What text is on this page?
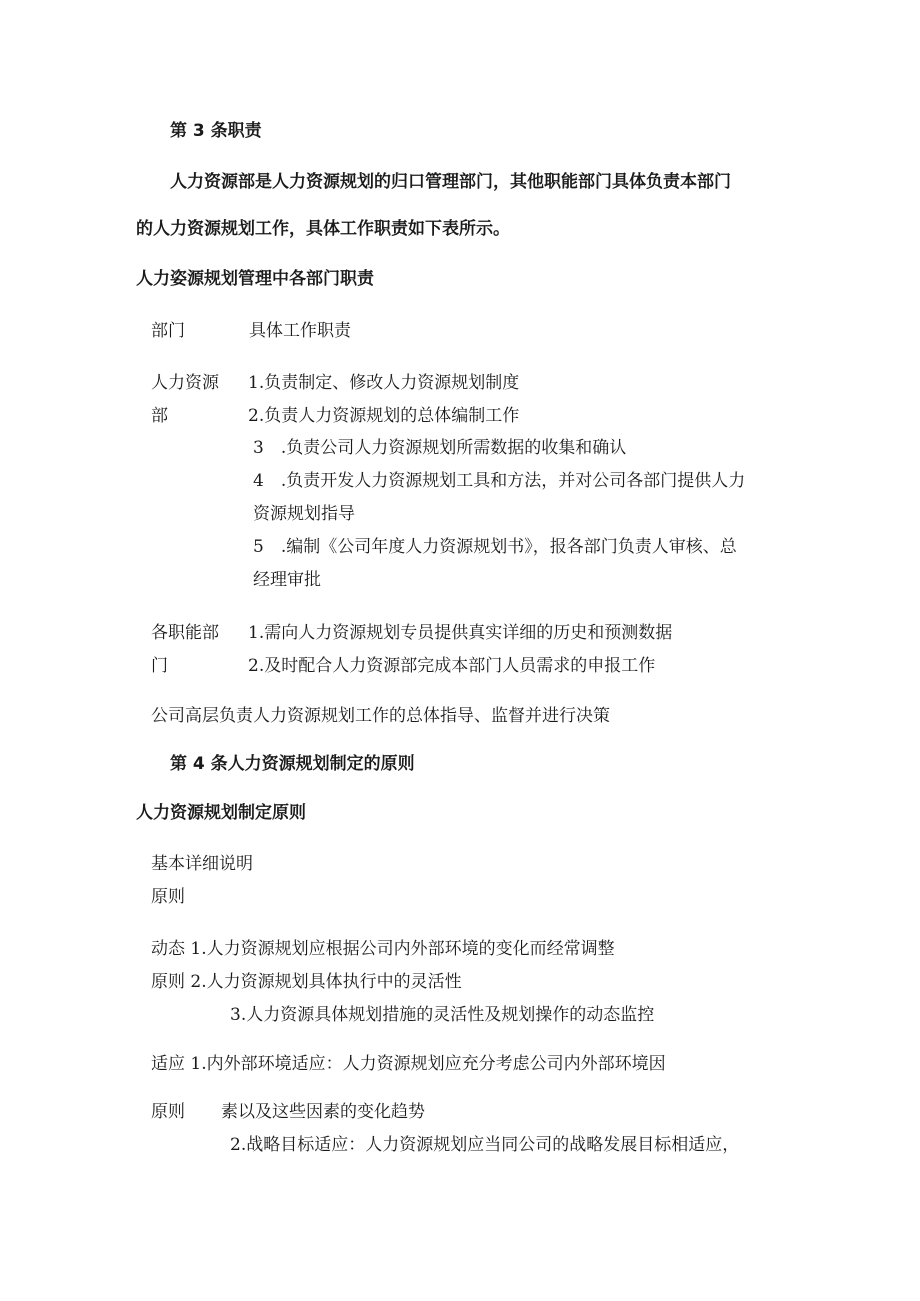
第 3 条职责
人力资源部是人力资源规划的归口管理部门，其他职能部门具体负责本部门
的人力资源规划工作，具体工作职责如下表所示。
人力姿源规划管理中各部门职责
部门	具体工作职责
人力资源
部
1.负责制定、修改人力资源规划制度
2.负责人力资源规划的总体编制工作
3　.负责公司人力资源规划所需数据的收集和确认
4　.负责开发人力资源规划工具和方法，并对公司各部门提供人力
资源规划指导
5　.编制《公司年度人力资源规划书》，报各部门负责人审核、总
经理审批
各职能部
门
1.需向人力资源规划专员提供真实详细的历史和预测数据
2.及时配合人力资源部完成本部门人员需求的申报工作
公司高层负责人力资源规划工作的总体指导、监督并进行决策
第 4 条人力资源规划制定的原则
人力资源规划制定原则
基本详细说明
原则
动态 1.人力资源规划应根据公司内外部环境的变化而经常调整
原则 2.人力资源规划具体执行中的灵活性
3.人力资源具体规划措施的灵活性及规划操作的动态监控
适应 1.内外部环境适应：人力资源规划应充分考虑公司内外部环境因
原则 素以及这些因素的变化趋势
2.战略目标适应：人力资源规划应当同公司的战略发展目标相适应，
